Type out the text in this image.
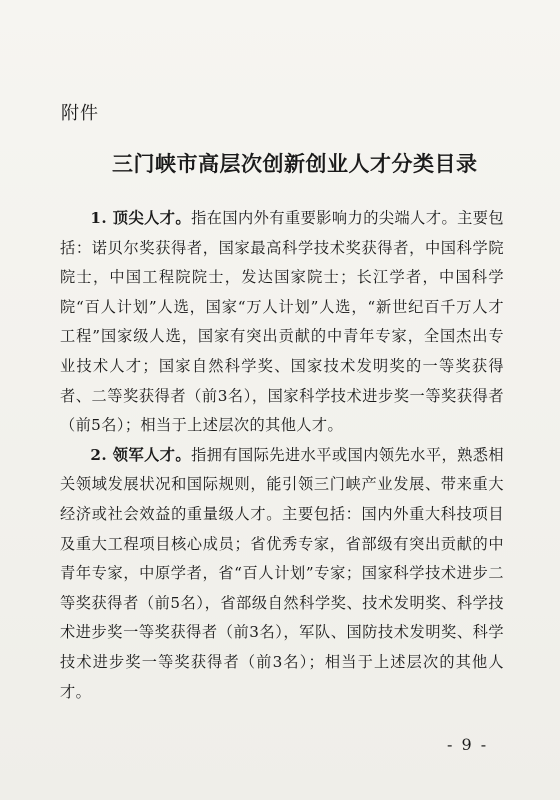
附件
三门峡市高层次创新创业人才分类目录

1. 顶尖人才。指在国内外有重要影响力的尖端人才。主要包括：诺贝尔奖获得者，国家最高科学技术奖获得者，中国科学院院士，中国工程院院士，发达国家院士；长江学者，中国科学院“百人计划”人选，国家“万人计划”人选，“新世纪百千万人才工程”国家级人选，国家有突出贡献的中青年专家，全国杰出专业技术人才；国家自然科学奖、国家技术发明奖的一等奖获得者、二等奖获得者（前3名），国家科学技术进步奖一等奖获得者（前5名）；相当于上述层次的其他人才。

2. 领军人才。指拥有国际先进水平或国内领先水平，熟悉相关领域发展状况和国际规则，能引领三门峡产业发展、带来重大经济或社会效益的重量级人才。主要包括：国内外重大科技项目及重大工程项目核心成员；省优秀专家，省部级有突出贡献的中青年专家，中原学者，省“百人计划”专家；国家科学技术进步二等奖获得者（前5名），省部级自然科学奖、技术发明奖、科学技术进步奖一等奖获得者（前3名），军队、国防技术发明奖、科学技术进步奖一等奖获得者（前3名）；相当于上述层次的其他人才。

- 9 -
